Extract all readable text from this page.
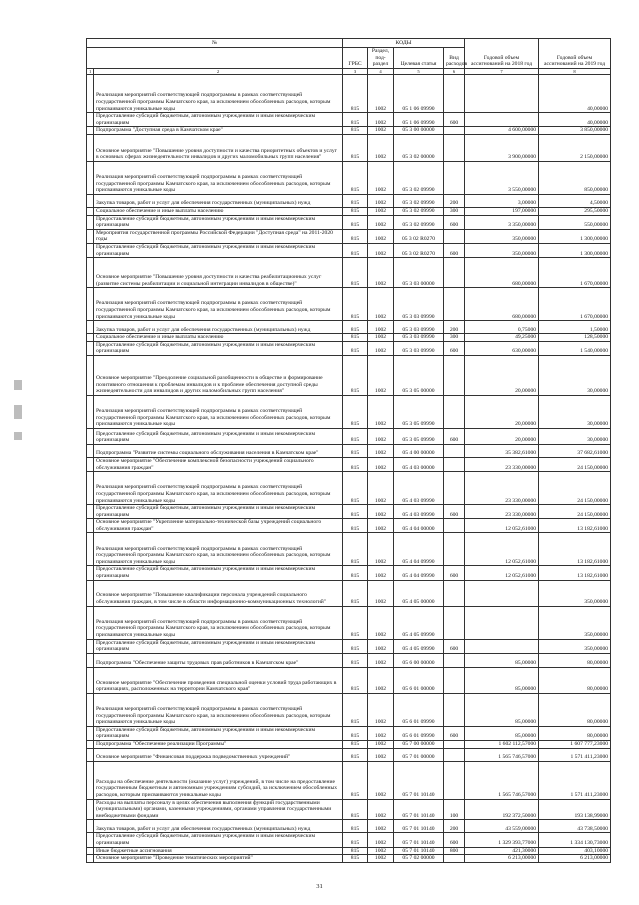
№		КОДЫ				Годовой объем ассигнований на 2018 год	Годовой объем ассигнований на 2019 год
		ГРБС	Раздел, под-раздел	Целевая статья	Вид расходов		
1	2	3	4	5	6	7	8
	Реализация мероприятий соответствующей подпрограммы в рамках соответствующей государственной программы Камчатского края, за исключением обособленных расходов, которым присваиваются уникальные коды	815	1002	05 1 06 09990			40,00000
	Предоставление субсидий бюджетным, автономным учреждениям и иным некоммерческим организациям	815	1002	05 1 06 09990	600		40,00000
	Подпрограмма "Доступная среда в Камчатском крае"	815	1002	05 3 00 00000		4 600,00000	3 850,00000
	Основное мероприятие "Повышение уровня доступности и качества приоритетных объектов и услуг в основных сферах жизнедеятельности инвалидов и других маломобильных групп населения"	815	1002	05 3 02 00000		3 900,00000	2 150,00000
	Реализация мероприятий соответствующей подпрограммы в рамках соответствующей государственной программы Камчатского края, за исключением обособленных расходов, которым присваиваются уникальные коды	815	1002	05 3 02 09990		3 550,00000	850,00000
	Закупка товаров, работ и услуг для обеспечения государственных (муниципальных) нужд	815	1002	05 3 02 09990	200	3,00000	4,50000
	Социальное обеспечение и иные выплаты населению	815	1002	05 3 02 09990	300	197,00000	295,50000
	Предоставление субсидий бюджетным, автономным учреждениям и иным некоммерческим организациям	815	1002	05 3 02 09990	600	3 350,00000	550,00000
	Мероприятия государственной программы Российской Федерации "Доступная среда" на 2011-2020 годы	815	1002	05 3 02 R0270		350,00000	1 300,00000
	Предоставление субсидий бюджетным, автономным учреждениям и иным некоммерческим организациям	815	1002	05 3 02 R0270	600	350,00000	1 300,00000
	Основное мероприятие "Повышение уровня доступности и качества реабилитационных услуг (развитие системы реабилитации и социальной интеграции инвалидов в обществе)"	815	1002	05 3 03 00000		680,00000	1 670,00000
	Реализация мероприятий соответствующей подпрограммы в рамках соответствующей государственной программы Камчатского края, за исключением обособленных расходов, которым присваиваются уникальные коды	815	1002	05 3 03 09990		680,00000	1 670,00000
	Закупка товаров, работ и услуг для обеспечения государственных (муниципальных) нужд	815	1002	05 3 03 09990	200	0,75000	1,50000
	Социальное обеспечение и иные выплаты населению	815	1002	05 3 03 09990	300	49,25000	128,50000
	Предоставление субсидий бюджетным, автономным учреждениям и иным некоммерческим организациям	815	1002	05 3 03 09990	600	630,00000	1 540,00000
	Основное мероприятие "Преодоление социальной разобщенности в обществе и формирование позитивного отношения к проблемам инвалидов и к проблеме обеспечения доступной среды жизнедеятельности для инвалидов и других маломобильных групп населения"	815	1002	05 3 05 00000		20,00000	30,00000
	Реализация мероприятий соответствующей подпрограммы в рамках соответствующей государственной программы Камчатского края, за исключением обособленных расходов, которым присваиваются уникальные коды	815	1002	05 3 05 09990		20,00000	30,00000
	Предоставление субсидий бюджетным, автономным учреждениям и иным некоммерческим организациям	815	1002	05 3 05 09990	600	20,00000	30,00000
	Подпрограмма "Развитие системы социального обслуживания населения в Камчатском крае"	815	1002	05 4 00 00000		35 382,61000	37 682,61000
	Основное мероприятие "Обеспечение комплексной безопасности учреждений социального обслуживания граждан"	815	1002	05 4 03 00000		23 330,00000	24 150,00000
	Реализация мероприятий соответствующей подпрограммы в рамках соответствующей государственной программы Камчатского края, за исключением обособленных расходов, которым присваиваются уникальные коды	815	1002	05 4 03 09990		23 330,00000	24 150,00000
	Предоставление субсидий бюджетным, автономным учреждениям и иным некоммерческим организациям	815	1002	05 4 03 09990	600	23 330,00000	24 150,00000
	Основное мероприятие "Укрепление материально-технической базы учреждений социального обслуживания граждан"	815	1002	05 4 04 00000		12 052,61000	13 182,61000
	Реализация мероприятий соответствующей подпрограммы в рамках соответствующей государственной программы Камчатского края, за исключением обособленных расходов, которым присваиваются уникальные коды	815	1002	05 4 04 09990		12 052,61000	13 182,61000
	Предоставление субсидий бюджетным, автономным учреждениям и иным некоммерческим организациям	815	1002	05 4 04 09990	600	12 052,61000	13 182,61000
	Основное мероприятие "Повышение квалификации персонала учреждений социального обслуживания граждан, в том числе в области информационно-коммуникационных технологий"	815	1002	05 4 05 00000			350,00000
	Реализация мероприятий соответствующей подпрограммы в рамках соответствующей государственной программы Камчатского края, за исключением обособленных расходов, которым присваиваются уникальные коды	815	1002	05 4 05 09990			350,00000
	Предоставление субсидий бюджетным, автономным учреждениям и иным некоммерческим организациям	815	1002	05 4 05 09990	600		350,00000
	Подпрограмма "Обеспечение защиты трудовых прав работников в Камчатском крае"	815	1002	05 6 00 00000		85,00000	80,00000
	Основное мероприятие "Обеспечение проведения специальной оценки условий труда работающих в организациях, расположенных на территории Камчатского края"	815	1002	05 6 01 00000		85,00000	80,00000
	Реализация мероприятий соответствующей подпрограммы в рамках соответствующей государственной программы Камчатского края, за исключением обособленных расходов, которым присваиваются уникальные коды	815	1002	05 6 01 09990		85,00000	80,00000
	Предоставление субсидий бюджетным, автономным учреждениям и иным некоммерческим организациям	815	1002	05 6 01 09990	600	85,00000	80,00000
	Подпрограмма "Обеспечение реализации Программы"	815	1002	05 7 00 00000		1 602 112,57000	1 607 777,23000
	Основное мероприятие "Финансовая поддержка подведомственных учреждений"	815	1002	05 7 01 00000		1 565 746,57000	1 571 411,23000
	Расходы на обеспечение деятельности (оказание услуг) учреждений, в том числе на предоставление государственным бюджетным и автономным учреждениям субсидий, за исключением обособленных расходов, которым присваиваются уникальные коды	815	1002	05 7 01 10140		1 565 746,57000	1 571 411,23000
	Расходы на выплаты персоналу в целях обеспечения выполнения функций государственными (муниципальными) органами, казенными учреждениями, органами управления государственными внебюджетными фондами	815	1002	05 7 01 10140	100	192 372,50000	193 138,99000
	Закупка товаров, работ и услуг для обеспечения государственных (муниципальных) нужд	815	1002	05 7 01 10140	200	43 559,00000	43 738,50000
	Предоставление субсидий бюджетным, автономным учреждениям и иным некоммерческим организациям	815	1002	05 7 01 10140	600	1 329 393,77000	1 334 130,73000
	Иные бюджетные ассигнования	815	1002	05 7 01 10140	800	421,30000	403,10000
	Основное мероприятие "Проведение тематических мероприятий"	815	1002	05 7 02 00000		6 213,00000	6 213,00000
31
